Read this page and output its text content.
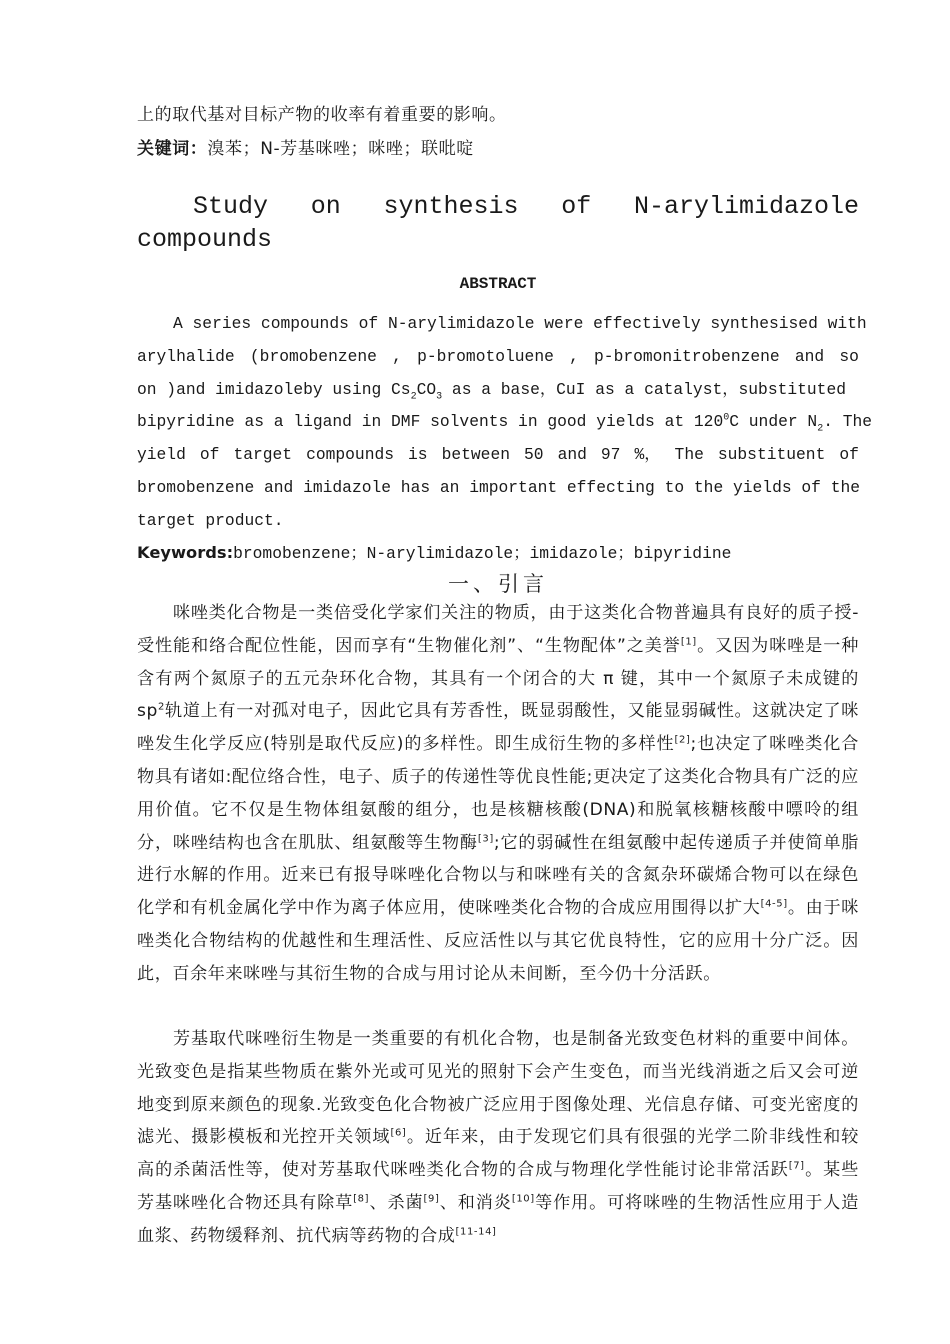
上的取代基对目标产物的收率有着重要的影响。
关键词：溴苯；N-芳基咪唑；咪唑；联吡啶
Study on synthesis of N-arylimidazole
compounds
ABSTRACT
A series compounds of N-arylimidazole were effectively synthesised with
arylhalide (bromobenzene , p-bromotoluene , p-bromonitrobenzene and so
on )and imidazoleby using $Cs_2CO_3$ as a base，CuI as a catalyst，substituted
bipyridine as a ligand in DMF solvents in good yields at $120^0C$ under $N_2$. The
yield of target compounds is between 50 and 97 %， The substituent of
bromobenzene and imidazole has an important effecting to the yields of the
target product.
Keywords:bromobenzene；N-arylimidazole；imidazole；bipyridine
一、引言

咪唑类化合物是一类倍受化学家们关注的物质，由于这类化合物普遍具有良好的质子授-受性能和络合配位性能，因而享有“生物催化剂”、“生物配体”之美誉[1]。又因为咪唑是一种含有两个氮原子的五元杂环化合物，其具有一个闭合的大 π 键，其中一个氮原子未成键的$sp^2$轨道上有一对孤对电子，因此它具有芳香性，既显弱酸性，又能显弱碱性。这就决定了咪唑发生化学反应(特别是取代反应)的多样性。即生成衍生物的多样性[2];也决定了咪唑类化合物具有诸如:配位络合性，电子、质子的传递性等优良性能;更决定了这类化合物具有广泛的应用价值。它不仅是生物体组氨酸的组分，也是核糖核酸(DNA)和脱氧核糖核酸中嘌呤的组分，咪唑结构也含在肌肽、组氨酸等生物酶[3];它的弱碱性在组氨酸中起传递质子并使简单脂进行水解的作用。近来已有报导咪唑化合物以与和咪唑有关的含氮杂环碳烯合物可以在绿色化学和有机金属化学中作为离子体应用，使咪唑类化合物的合成应用围得以扩大[4-5]。由于咪唑类化合物结构的优越性和生理活性、反应活性以与其它优良特性，它的应用十分广泛。因此，百余年来咪唑与其衍生物的合成与用讨论从未间断，至今仍十分活跃。

芳基取代咪唑衍生物是一类重要的有机化合物，也是制备光致变色材料的重要中间体。光致变色是指某些物质在紫外光或可见光的照射下会产生变色，而当光线消逝之后又会可逆地变到原来颜色的现象.光致变色化合物被广泛应用于图像处理、光信息存储、可变光密度的滤光、摄影模板和光控开关领域[6]。近年来，由于发现它们具有很强的光学二阶非线性和较高的杀菌活性等，使对芳基取代咪唑类化合物的合成与物理化学性能讨论非常活跃[7]。某些芳基咪唑化合物还具有除草[8]、杀菌[9]、和消炎[10]等作用。可将咪唑的生物活性应用于人造血浆、药物缓释剂、抗代病等药物的合成[11-14]
